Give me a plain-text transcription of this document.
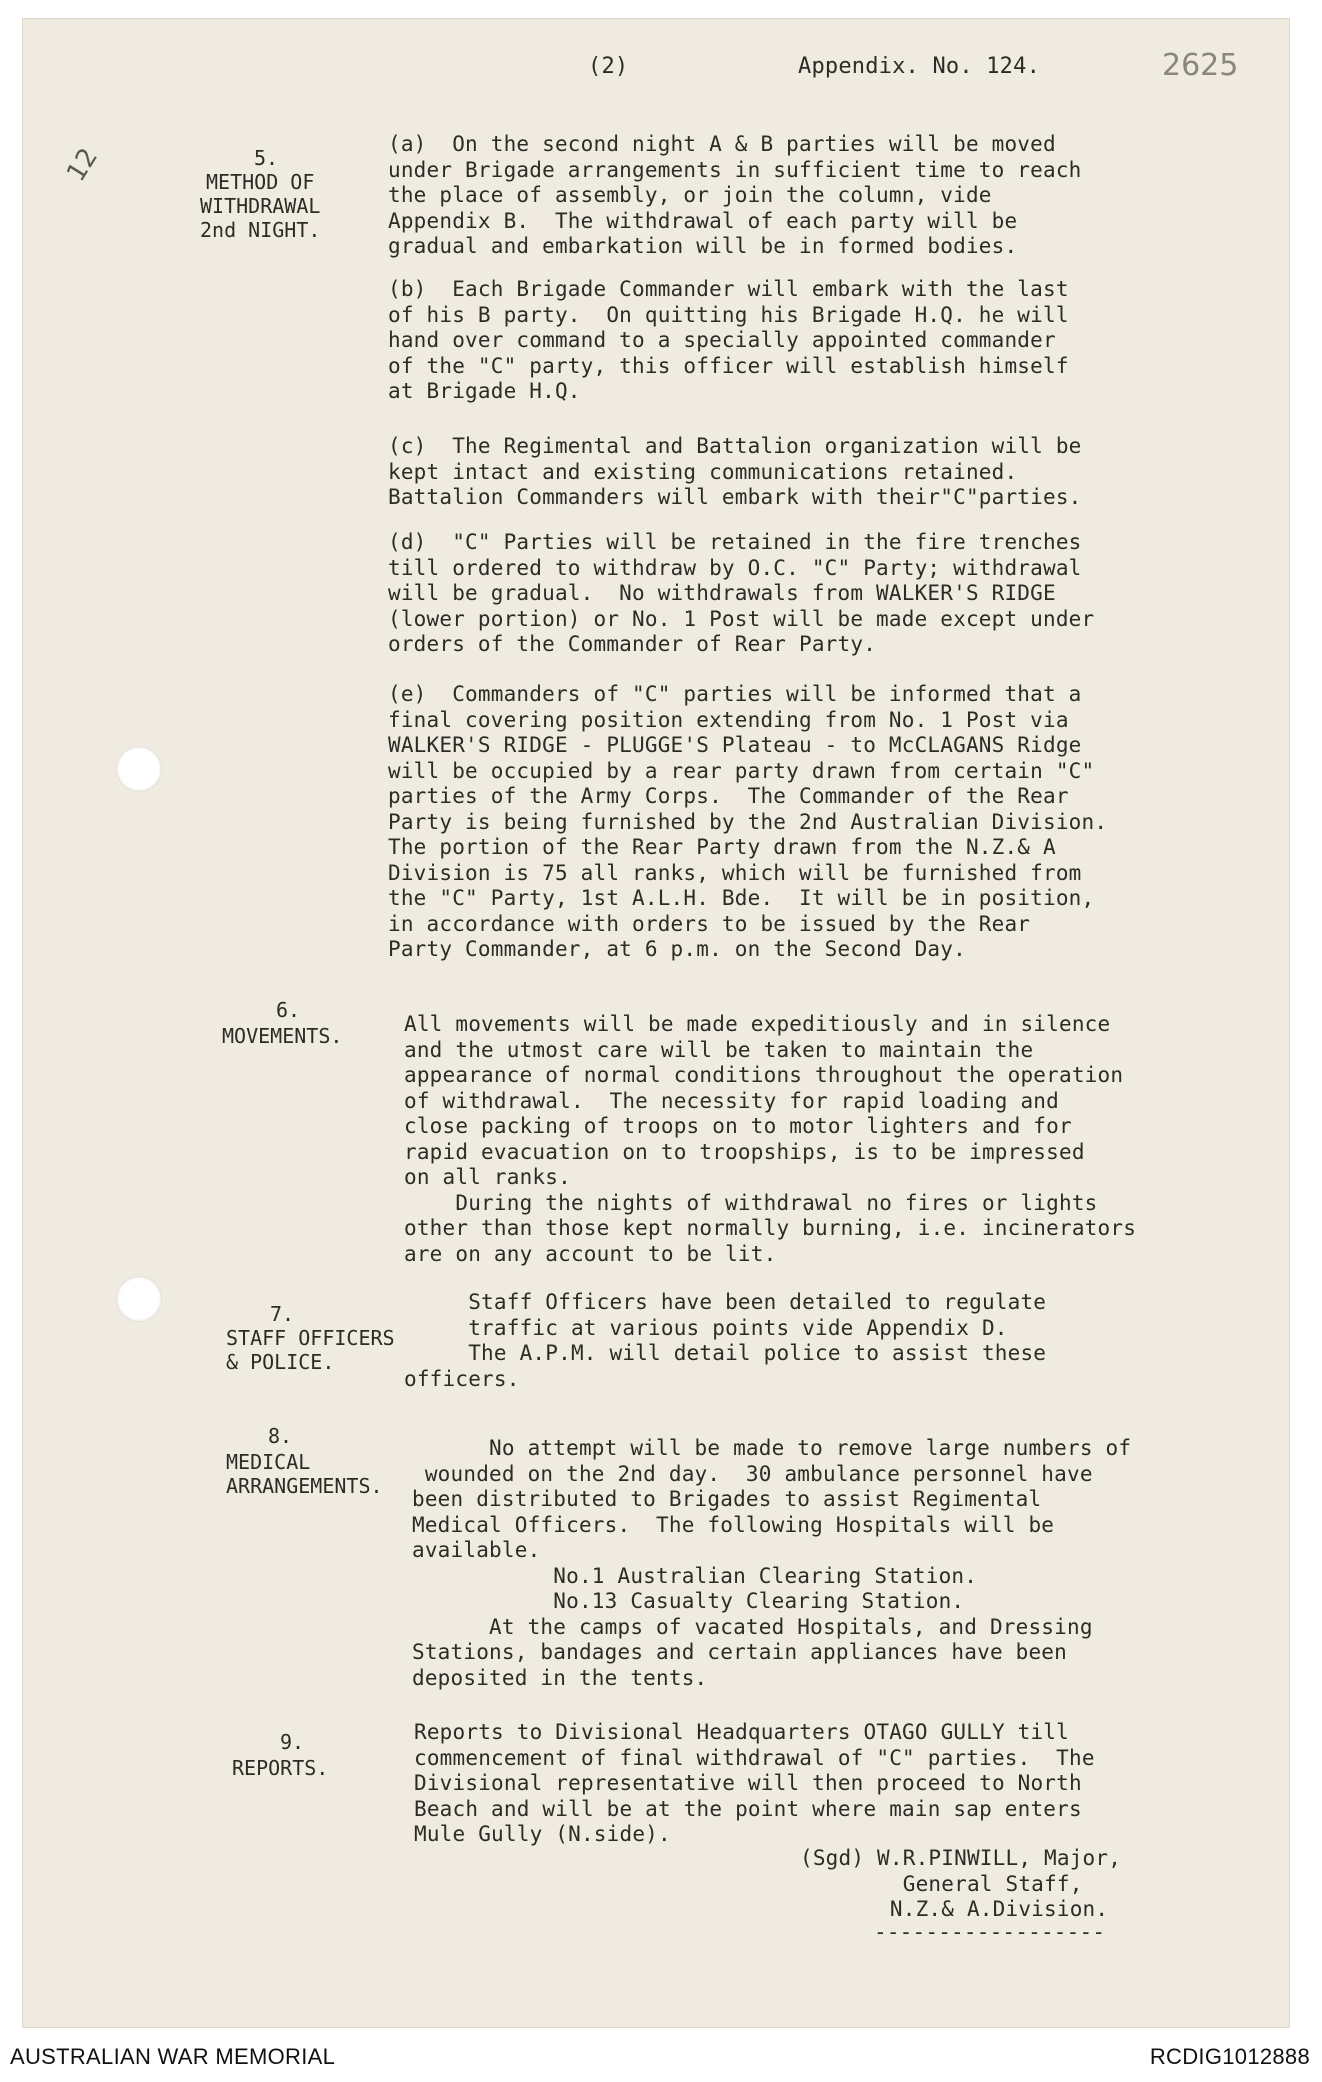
(2)	Appendix. No. 124.	2625
12	5.
METHOD OF
WITHDRAWAL
2nd NIGHT.
(a)  On the second night A & B parties will be moved
under Brigade arrangements in sufficient time to reach
the place of assembly, or join the column, vide
Appendix B.  The withdrawal of each party will be
gradual and embarkation will be in formed bodies.
(b)  Each Brigade Commander will embark with the last
of his B party.  On quitting his Brigade H.Q. he will
hand over command to a specially appointed commander
of the "C" party, this officer will establish himself
at Brigade H.Q.
(c)  The Regimental and Battalion organization will be
kept intact and existing communications retained.
Battalion Commanders will embark with their"C"parties.
(d)  "C" Parties will be retained in the fire trenches
till ordered to withdraw by O.C. "C" Party; withdrawal
will be gradual.  No withdrawals from WALKER'S RIDGE
(lower portion) or No. 1 Post will be made except under
orders of the Commander of Rear Party.
(e)  Commanders of "C" parties will be informed that a
final covering position extending from No. 1 Post via
WALKER'S RIDGE - PLUGGE'S Plateau - to McCLAGANS Ridge
will be occupied by a rear party drawn from certain "C"
parties of the Army Corps.  The Commander of the Rear
Party is being furnished by the 2nd Australian Division.
The portion of the Rear Party drawn from the N.Z.& A
Division is 75 all ranks, which will be furnished from
the "C" Party, 1st A.L.H. Bde.  It will be in position,
in accordance with orders to be issued by the Rear
Party Commander, at 6 p.m. on the Second Day.
6.
MOVEMENTS.	All movements will be made expeditiously and in silence
and the utmost care will be taken to maintain the
appearance of normal conditions throughout the operation
of withdrawal.  The necessity for rapid loading and
close packing of troops on to motor lighters and for
rapid evacuation on to troopships, is to be impressed
on all ranks.
During the nights of withdrawal no fires or lights
other than those kept normally burning, i.e. incinerators
are on any account to be lit.
7.
STAFF OFFICERS
& POLICE.
Staff Officers have been detailed to regulate
traffic at various points vide Appendix D.
The A.P.M. will detail police to assist these
officers.
8.
MEDICAL
ARRANGEMENTS.
No attempt will be made to remove large numbers of
wounded on the 2nd day.  30 ambulance personnel have
been distributed to Brigades to assist Regimental
Medical Officers.  The following Hospitals will be
available.
No.1 Australian Clearing Station.
No.13 Casualty Clearing Station.
At the camps of vacated Hospitals, and Dressing
Stations, bandages and certain appliances have been
deposited in the tents.
9.
REPORTS.
Reports to Divisional Headquarters OTAGO GULLY till
commencement of final withdrawal of "C" parties.  The
Divisional representative will then proceed to North
Beach and will be at the point where main sap enters
Mule Gully (N.side).
(Sgd) W.R.PINWILL, Major,
General Staff,
N.Z.& A.Division.
------------------
AUSTRALIAN WAR MEMORIAL	RCDIG1012888
